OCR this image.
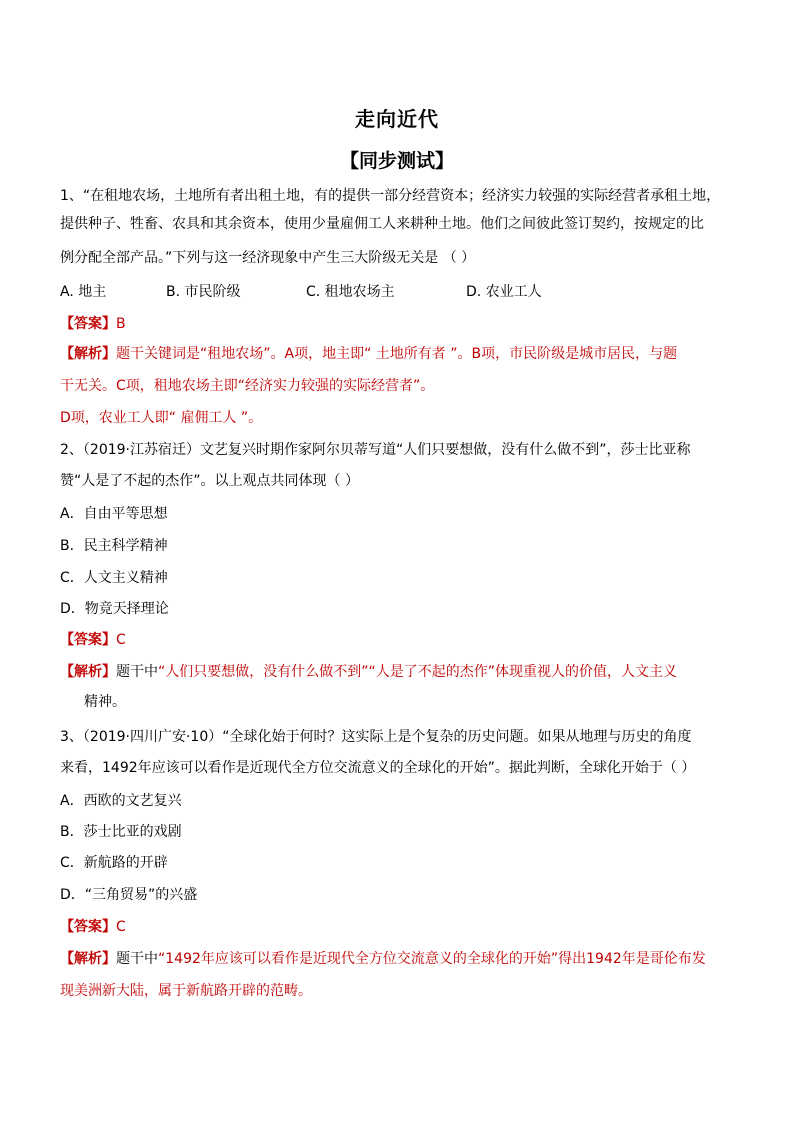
走向近代
【同步测试】
1、“在租地农场，土地所有者出租土地，有的提供一部分经营资本；经济实力较强的实际经营者承租土地，
提供种子、牲畜、农具和其余资本，使用少量雇佣工人来耕种土地。他们之间彼此签订契约，按规定的比
例分配全部产品。”下列与这一经济现象中产生三大阶级无关是 （ ）
A. 地主	B. 市民阶级	C. 租地农场主	D. 农业工人
【答案】B
【解析】题干关键词是“租地农场”。A项，地主即“ 土地所有者 ”。B项，市民阶级是城市居民，与题
干无关。C项，租地农场主即“经济实力较强的实际经营者”。
D项，农业工人即“ 雇佣工人 ”。
2、（2019·江苏宿迁）文艺复兴时期作家阿尔贝蒂写道“人们只要想做，没有什么做不到”，莎士比亚称
赞“人是了不起的杰作”。以上观点共同体现（ ）
A．自由平等思想
B．民主科学精神
C．人文主义精神
D．物竞天择理论
【答案】C
【解析】题干中“人们只要想做，没有什么做不到”“人是了不起的杰作”体现重视人的价值，人文主义
精神。
3、（2019·四川广安·10）“全球化始于何时？这实际上是个复杂的历史问题。如果从地理与历史的角度
来看，1492年应该可以看作是近现代全方位交流意义的全球化的开始”。据此判断，全球化开始于（ ）
A．西欧的文艺复兴
B．莎士比亚的戏剧
C．新航路的开辟
D．“三角贸易”的兴盛
【答案】C
【解析】题干中“1492年应该可以看作是近现代全方位交流意义的全球化的开始”得出1942年是哥伦布发
现美洲新大陆，属于新航路开辟的范畴。
